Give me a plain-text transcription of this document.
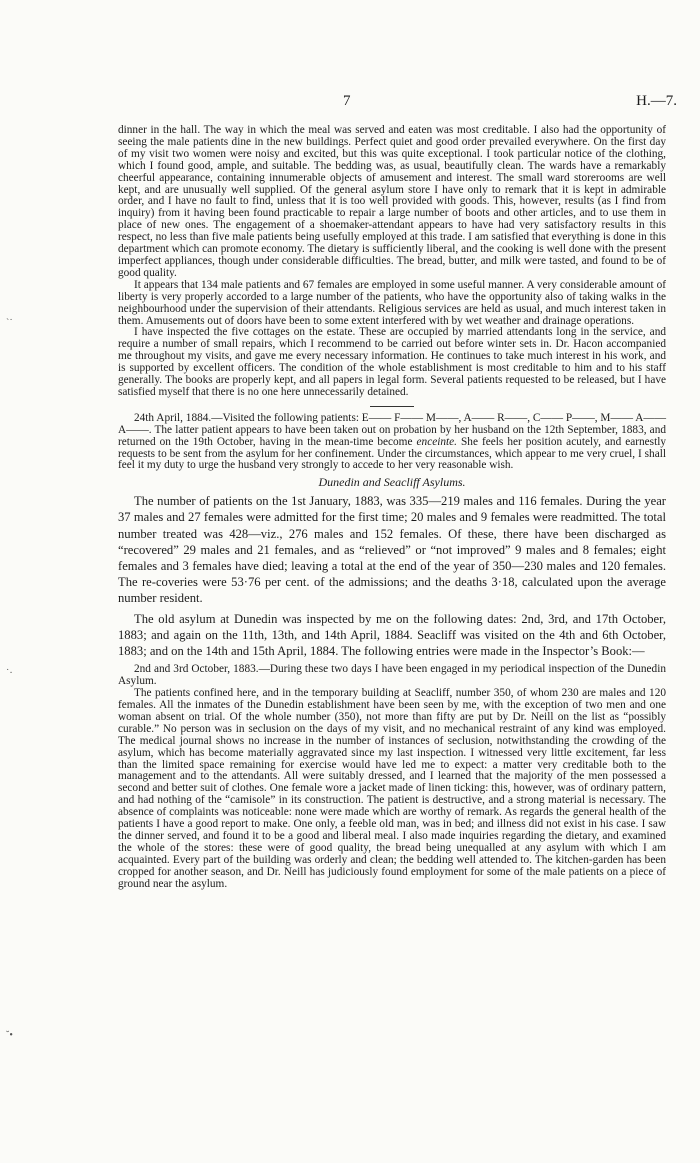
7	H.—7.
`˙
˙·
˘•

dinner in the hall. The way in which the meal was served and eaten was most creditable. I also had the opportunity of seeing the male patients dine in the new buildings. Perfect quiet and good order prevailed everywhere. On the first day of my visit two women were noisy and excited, but this was quite exceptional. I took particular notice of the clothing, which I found good, ample, and suitable. The bedding was, as usual, beautifully clean. The wards have a remarkably cheerful appearance, containing innumerable objects of amusement and interest. The small ward storerooms are well kept, and are unusually well supplied. Of the general asylum store I have only to remark that it is kept in admirable order, and I have no fault to find, unless that it is too well provided with goods. This, however, results (as I find from inquiry) from it having been found practicable to repair a large number of boots and other articles, and to use them in place of new ones. The engagement of a shoemaker-attendant appears to have had very satisfactory results in this respect, no less than five male patients being usefully employed at this trade. I am satisfied that everything is done in this department which can promote economy. The dietary is sufficiently liberal, and the cooking is well done with the present imperfect appliances, though under considerable difficulties. The bread, butter, and milk were tasted, and found to be of good quality.

It appears that 134 male patients and 67 females are employed in some useful manner. A very considerable amount of liberty is very properly accorded to a large number of the patients, who have the opportunity also of taking walks in the neighbourhood under the supervision of their attendants. Religious services are held as usual, and much interest taken in them. Amusements out of doors have been to some extent interfered with by wet weather and drainage operations.

I have inspected the five cottages on the estate. These are occupied by married attendants long in the service, and require a number of small repairs, which I recommend to be carried out before winter sets in. Dr. Hacon accompanied me throughout my visits, and gave me every necessary information. He continues to take much interest in his work, and is supported by excellent officers. The condition of the whole establishment is most creditable to him and to his staff generally. The books are properly kept, and all papers in legal form. Several patients requested to be released, but I have satisfied myself that there is no one here unnecessarily detained.

24th April, 1884.—Visited the following patients: E—— F—— M——, A—— R——, C—— P——, M—— A—— A——. The latter patient appears to have been taken out on probation by her husband on the 12th September, 1883, and returned on the 19th October, having in the mean-time become enceinte. She feels her position acutely, and earnestly requests to be sent from the asylum for her confinement. Under the circumstances, which appear to me very cruel, I shall feel it my duty to urge the husband very strongly to accede to her very reasonable wish.

Dunedin and Seacliff Asylums.

The number of patients on the 1st January, 1883, was 335—219 males and 116 females. During the year 37 males and 27 females were admitted for the first time; 20 males and 9 females were readmitted. The total number treated was 428—viz., 276 males and 152 females. Of these, there have been discharged as “recovered” 29 males and 21 females, and as “relieved” or “not improved” 9 males and 8 females; eight females and 3 females have died; leaving a total at the end of the year of 350—230 males and 120 females. The re-coveries were 53·76 per cent. of the admissions; and the deaths 3·18, calculated upon the average number resident.

The old asylum at Dunedin was inspected by me on the following dates: 2nd, 3rd, and 17th October, 1883; and again on the 11th, 13th, and 14th April, 1884. Seacliff was visited on the 4th and 6th October, 1883; and on the 14th and 15th April, 1884. The following entries were made in the Inspector’s Book:—

2nd and 3rd October, 1883.—During these two days I have been engaged in my periodical inspection of the Dunedin Asylum.

The patients confined here, and in the temporary building at Seacliff, number 350, of whom 230 are males and 120 females. All the inmates of the Dunedin establishment have been seen by me, with the exception of two men and one woman absent on trial. Of the whole number (350), not more than fifty are put by Dr. Neill on the list as “possibly curable.” No person was in seclusion on the days of my visit, and no mechanical restraint of any kind was employed. The medical journal shows no increase in the number of instances of seclusion, notwithstanding the crowding of the asylum, which has become materially aggravated since my last inspection. I witnessed very little excitement, far less than the limited space remaining for exercise would have led me to expect: a matter very creditable both to the management and to the attendants. All were suitably dressed, and I learned that the majority of the men possessed a second and better suit of clothes. One female wore a jacket made of linen ticking: this, however, was of ordinary pattern, and had nothing of the “camisole” in its construction. The patient is destructive, and a strong material is necessary. The absence of complaints was noticeable: none were made which are worthy of remark. As regards the general health of the patients I have a good report to make. One only, a feeble old man, was in bed; and illness did not exist in his case. I saw the dinner served, and found it to be a good and liberal meal. I also made inquiries regarding the dietary, and examined the whole of the stores: these were of good quality, the bread being unequalled at any asylum with which I am acquainted. Every part of the building was orderly and clean; the bedding well attended to. The kitchen-garden has been cropped for another season, and Dr. Neill has judiciously found employment for some of the male patients on a piece of ground near the asylum.
